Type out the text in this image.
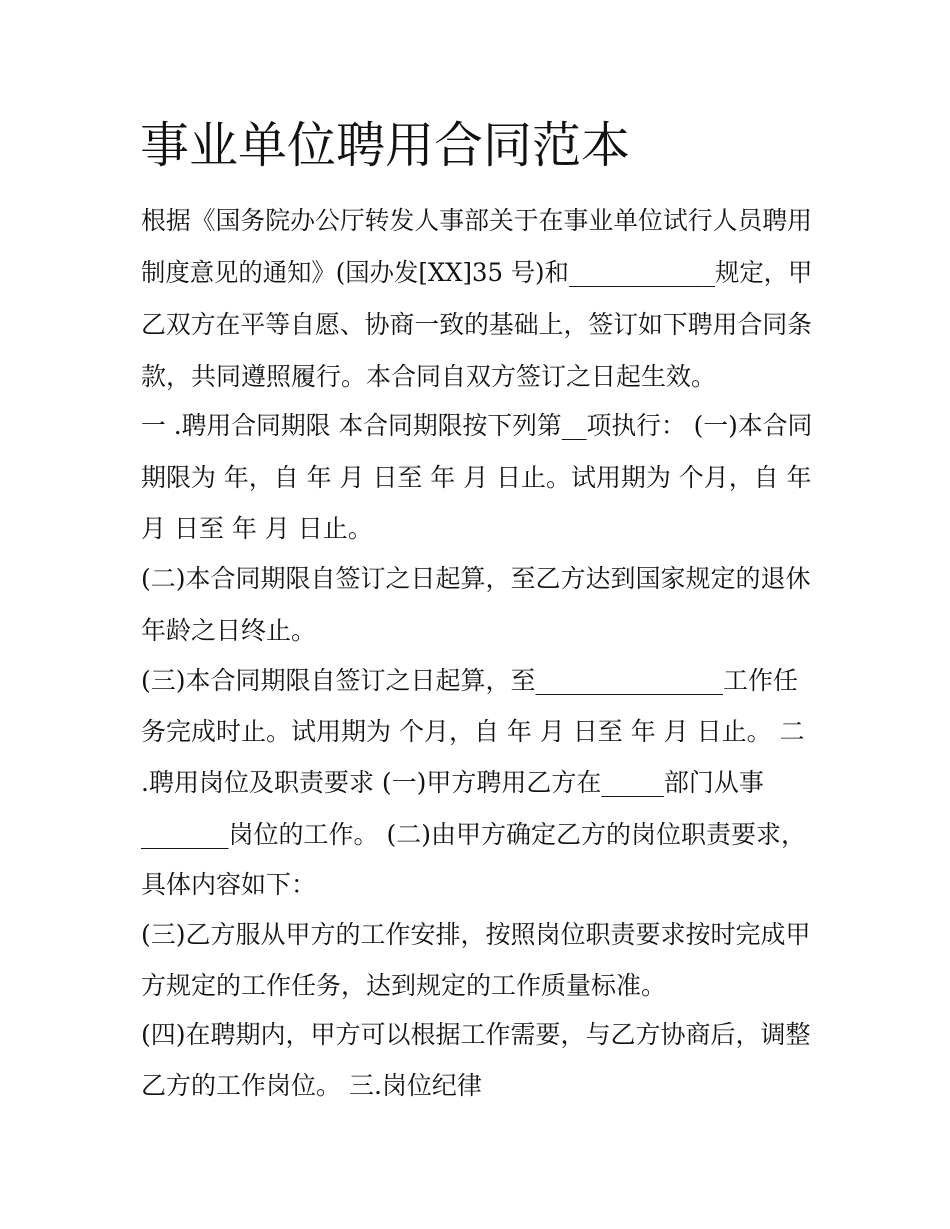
事业单位聘用合同范本
根据《国务院办公厅转发人事部关于在事业单位试行人员聘用
制度意见的通知》(国办发[XX]35 号)和____________规定，甲
乙双方在平等自愿、协商一致的基础上，签订如下聘用合同条
款，共同遵照履行。本合同自双方签订之日起生效。
一 .聘用合同期限 本合同期限按下列第__项执行： (一)本合同
期限为 年，自 年 月 日至 年 月 日止。试用期为 个月，自 年
月 日至 年 月 日止。
(二)本合同期限自签订之日起算，至乙方达到国家规定的退休
年龄之日终止。
(三)本合同期限自签订之日起算，至_______________工作任
务完成时止。试用期为 个月，自 年 月 日至 年 月 日止。 二
.聘用岗位及职责要求 (一)甲方聘用乙方在_____部门从事
_______岗位的工作。 (二)由甲方确定乙方的岗位职责要求，
具体内容如下：
(三)乙方服从甲方的工作安排，按照岗位职责要求按时完成甲
方规定的工作任务，达到规定的工作质量标准。
(四)在聘期内，甲方可以根据工作需要，与乙方协商后，调整
乙方的工作岗位。 三.岗位纪律
